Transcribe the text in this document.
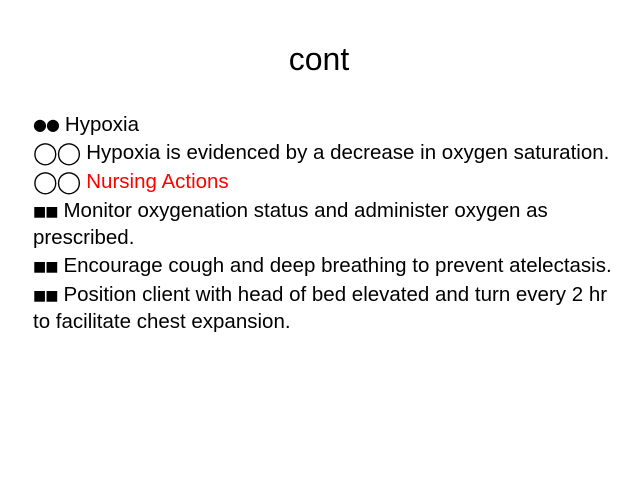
cont
●● Hypoxia
◯◯ Hypoxia is evidenced by a decrease in oxygen saturation.
◯◯ Nursing Actions
■■ Monitor oxygenation status and administer oxygen as prescribed.
■■ Encourage cough and deep breathing to prevent atelectasis.
■■ Position client with head of bed elevated and turn every 2 hr to facilitate chest expansion.
